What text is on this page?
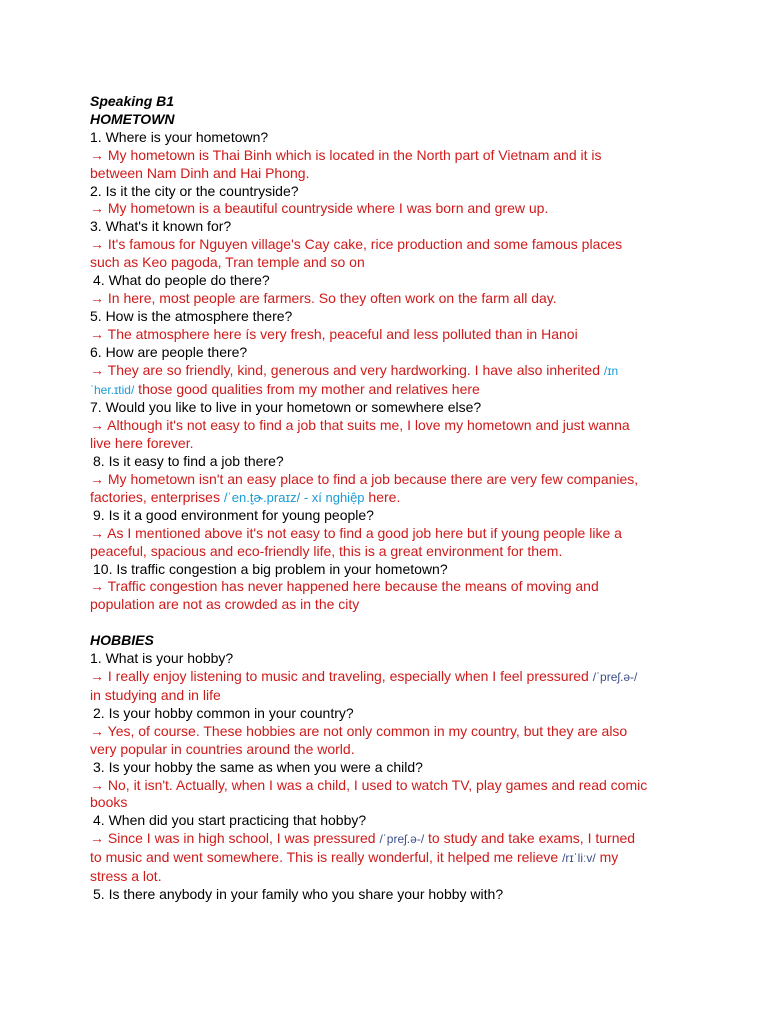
Speaking B1

HOMETOWN

1. Where is your hometown?

→ My hometown is Thai Binh which is located in the North part of Vietnam and it is between Nam Dinh and Hai Phong.

2. Is it the city or the countryside?

→ My hometown is a beautiful countryside where I was born and grew up.

3. What's it known for?

→ It's famous for Nguyen village's Cay cake, rice production and some famous places such as Keo pagoda, Tran temple and so on

4. What do people do there?

→ In here, most people are farmers. So they often work on the farm all day.

5. How is the atmosphere there?

→ The atmosphere here ís very fresh, peaceful and less polluted than in Hanoi

6. How are people there?

→ They are so friendly, kind, generous and very hardworking. I have also inherited /ɪnˈher.ɪtid/ those good qualities from my mother and relatives here

7. Would you like to live in your hometown or somewhere else?

→ Although it's not easy to find a job that suits me, I love my hometown and just wanna live here forever.

8. Is it easy to find a job there?

→ My hometown isn't an easy place to find a job because there are very few companies, factories, enterprises /ˈen.t̬ɚ.praɪz/ - xí nghiệp here.

9. Is it a good environment for young people?

→ As I mentioned above it's not easy to find a good job here but if young people like a peaceful, spacious and eco-friendly life, this is a great environment for them.

10. Is traffic congestion a big problem in your hometown?

→ Traffic congestion has never happened here because the means of moving and population are not as crowded as in the city

HOBBIES

1. What is your hobby?

→ I really enjoy listening to music and traveling, especially when I feel pressured /ˈpreʃ.ə-/ in studying and in life

2. Is your hobby common in your country?

→ Yes, of course. These hobbies are not only common in my country, but they are also very popular in countries around the world.

3. Is your hobby the same as when you were a child?

→ No, it isn't. Actually, when I was a child, I used to watch TV, play games and read comic books

4. When did you start practicing that hobby?

→ Since I was in high school, I was pressured /ˈpreʃ.ə-/ to study and take exams, I turned to music and went somewhere. This is really wonderful, it helped me relieve /rɪˈliːv/ my stress a lot.

5. Is there anybody in your family who you share your hobby with?
